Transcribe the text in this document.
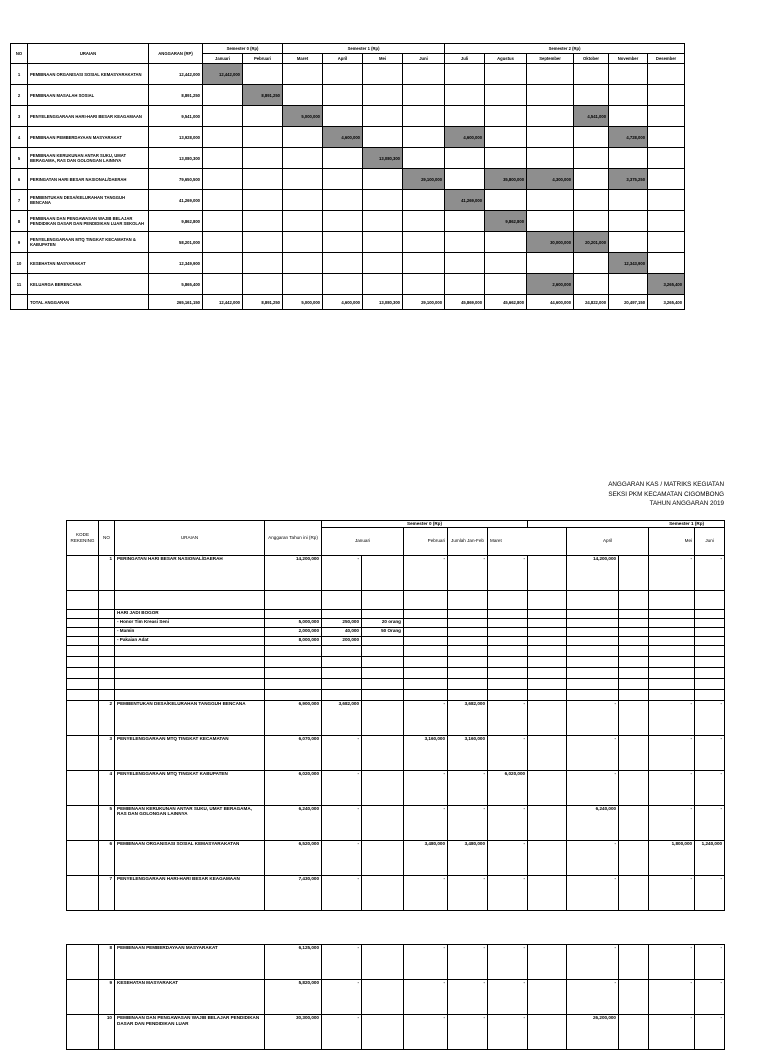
NO	URAIAN	ANGGARAN (RP)	Semester 0 (Rp)		Semester 1 (Rp)				Semester 2 (Rp)					
			Januari	Pebruari	Maret	April	Mei	Juni	Juli	Agustus	September	Oktober	November	Desember
1	PEMBINAAN ORGANISASI SOSIAL KEMASYARAKATAN	12,442,000	12,442,000											
2	PEMBINAAN MASALAH SOSIAL	8,891,250		8,891,250										
3	PENYELENGGARAAN HARI-HARI BESAR KEAGAMAAN	9,541,000			5,000,000							4,541,000		
4	PEMBINAAN PEMBERDAYAAN MASYARAKAT	13,928,000				4,600,000			4,600,000				4,728,000	
5	PEMBINAAN KERUKUNAN ANTAR SUKU, UMAT BERAGAMA, RAS DAN GOLONGAN LAINNYA	13,080,300					13,080,300							
6	PERINGATAN HARI BESAR NASIONAL/DAERAH	79,650,500						29,100,000		35,800,000	4,300,000		3,375,250	
7	PEMBENTUKAN DESA/KELURAHAN TANGGUH BENCANA	41,269,000							41,269,000					
8	PEMBINAAN DAN PENGAWASAN WAJIB BELAJAR PENDIDIKAN DASAR DAN PENDIDIKAN LUAR SEKOLAH	9,862,800								9,862,800				
9	PENYELENGGARAAN MTQ TINGKAT KECAMATAN & KABUPATEN	58,201,000									30,000,000	20,201,000		
10	KESEHATAN MASYARAKAT	12,349,900											12,343,900	
11	KELUARGA BERENCANA	5,865,400									2,600,000			3,265,400
	TOTAL ANGGARAN	265,161,150	12,442,000	8,891,250	5,000,000	4,600,000	13,080,300	29,100,000	45,869,000	45,662,800	44,600,000	24,822,000	20,497,150	3,265,400
ANGGARAN KAS / MATRIKS KEGIATAN
SEKSI PKM KECAMATAN CIGOMBONG
TAHUN ANGGARAN 2019
KODE REKENING	NO	URAIAN	Anggaran Tahun ini (Rp)	Semester 0 (Rp)					Semester 1 (Rp)				
				Januari		Pebruari	Jumlah Jan-Feb	Maret		April		Mei	Juni
	1	PERINGATAN HARI BESAR NASIONAL/DAERAH	14,200,000	-		-	-	-		14,200,000		-	-

		HARI JADI BOGOR											
		- Honor Tim Kreasi Seni	5,000,000	250,000	20 orang								
		- Mamin	2,000,000	40,000	50 Orang								
		- Pakaian Adat	8,000,000	200,000									

	2	PEMBENTUKAN DESA/KELURAHAN TANGGUH BENCANA	6,900,000	3,682,000		-	3,682,000	-		-		-	-
	3	PENYELENGGARAAN MTQ TINGKAT KECAMATAN	6,070,000	-		3,160,000	3,160,000	-		-		-	-
	4	PENYELENGGARAAN MTQ TINGKAT KABUPATEN	6,020,000	-		-	-	6,020,000		-		-	-
	5	PEMBINAAN KERUKUNAN ANTAR SUKU, UMAT BERAGAMA, RAS DAN GOLONGAN LAINNYA	6,240,000	-		-	-	-		6,240,000		-	-
	6	PEMBINAAN ORGANISASI SOSIAL KEMASYARAKATAN	6,520,000	-		3,480,000	3,480,000	-		-		1,800,000	1,240,000
	7	PENYELENGGARAAN HARI-HARI BESAR KEAGAMAAN	7,430,000	-		-	-	-		-		-	-
	8	PEMBINAAN PEMBERDAYAAN MASYARAKAT	6,125,000	-		-	-	-		-		-	-
	9	KESEHATAN MASYARAKAT	5,820,000	-		-	-	-		-		-	-
	10	PEMBINAAN DAN PENGAWASAN WAJIB BELAJAR PENDIDIKAN DASAR DAN PENDIDIKAN LUAR	30,300,000	-		-	-	-		26,200,000		-	-
